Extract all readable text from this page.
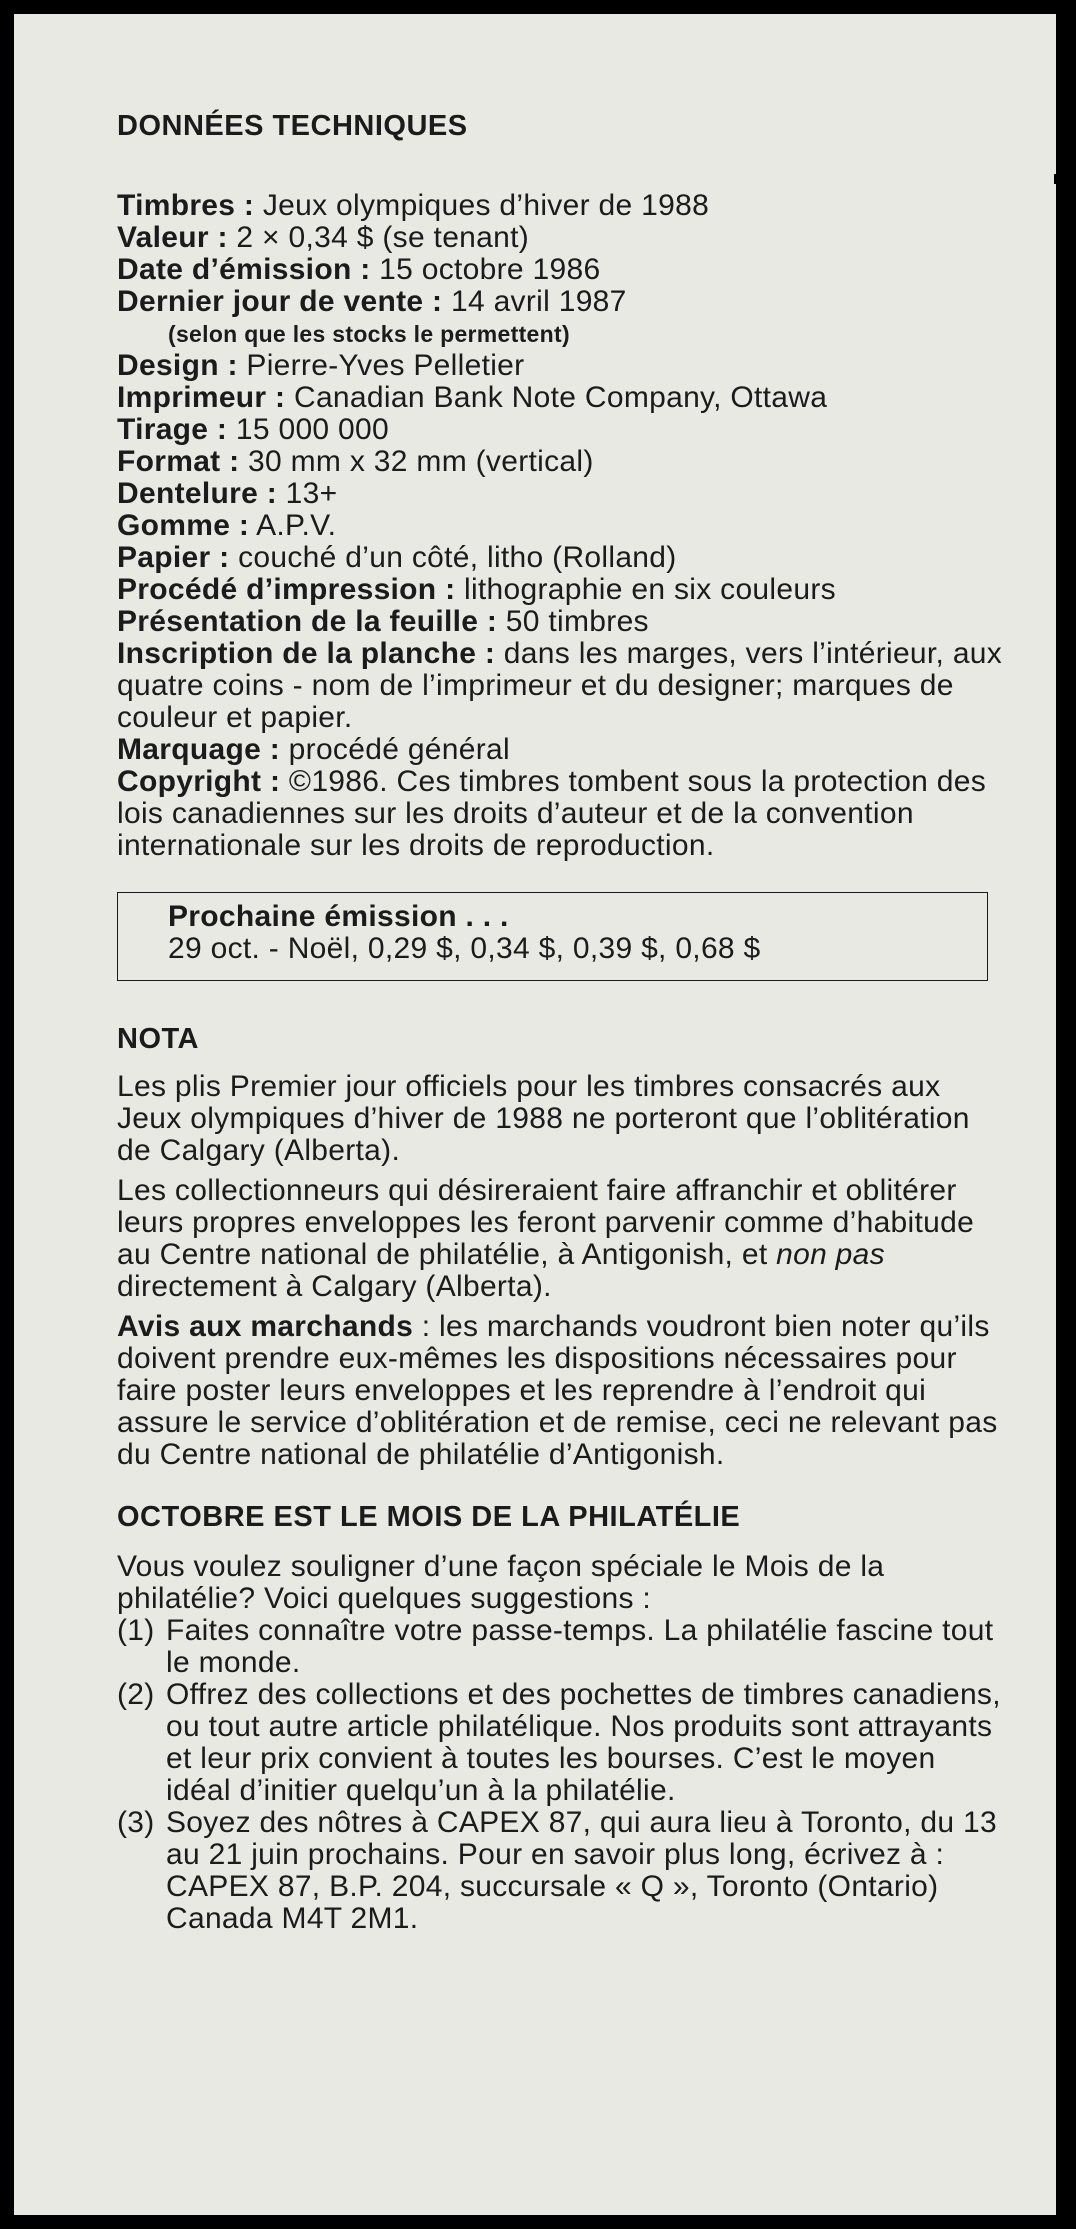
DONNÉES TECHNIQUES

Timbres : Jeux olympiques d’hiver de 1988

Valeur : 2 × 0,34 $ (se tenant)

Date d’émission : 15 octobre 1986

Dernier jour de vente : 14 avril 1987

(selon que les stocks le permettent)

Design : Pierre-Yves Pelletier

Imprimeur : Canadian Bank Note Company, Ottawa

Tirage : 15 000 000

Format : 30 mm x 32 mm (vertical)

Dentelure : 13+

Gomme : A.P.V.

Papier : couché d’un côté, litho (Rolland)

Procédé d’impression : lithographie en six couleurs

Présentation de la feuille : 50 timbres

Inscription de la planche : dans les marges, vers l’intérieur, aux quatre coins - nom de l’imprimeur et du designer; marques de couleur et papier.

Marquage : procédé général

Copyright : ©1986. Ces timbres tombent sous la protection des lois canadiennes sur les droits d’auteur et de la convention internationale sur les droits de reproduction.

Prochaine émission . . .
29 oct. - Noël, 0,29 $, 0,34 $, 0,39 $, 0,68 $
NOTA

Les plis Premier jour officiels pour les timbres consacrés aux Jeux olympiques d’hiver de 1988 ne porteront que l’oblitération de Calgary (Alberta).

Les collectionneurs qui désireraient faire affranchir et oblitérer leurs propres enveloppes les feront parvenir comme d’habitude au Centre national de philatélie, à Antigonish, et non pas directement à Calgary (Alberta).

Avis aux marchands : les marchands voudront bien noter qu’ils doivent prendre eux-mêmes les dispositions nécessaires pour faire poster leurs enveloppes et les reprendre à l’endroit qui assure le service d’oblitération et de remise, ceci ne relevant pas du Centre national de philatélie d’Antigonish.

OCTOBRE EST LE MOIS DE LA PHILATÉLIE

Vous voulez souligner d’une façon spéciale le Mois de la philatélie? Voici quelques suggestions :

(1) Faites connaître votre passe-temps. La philatélie fascine tout le monde.
(2) Offrez des collections et des pochettes de timbres canadiens, ou tout autre article philatélique. Nos produits sont attrayants et leur prix convient à toutes les bourses. C’est le moyen idéal d’initier quelqu’un à la philatélie.
(3) Soyez des nôtres à CAPEX 87, qui aura lieu à Toronto, du 13 au 21 juin prochains. Pour en savoir plus long, écrivez à : CAPEX 87, B.P. 204, succursale « Q », Toronto (Ontario) Canada M4T 2M1.
